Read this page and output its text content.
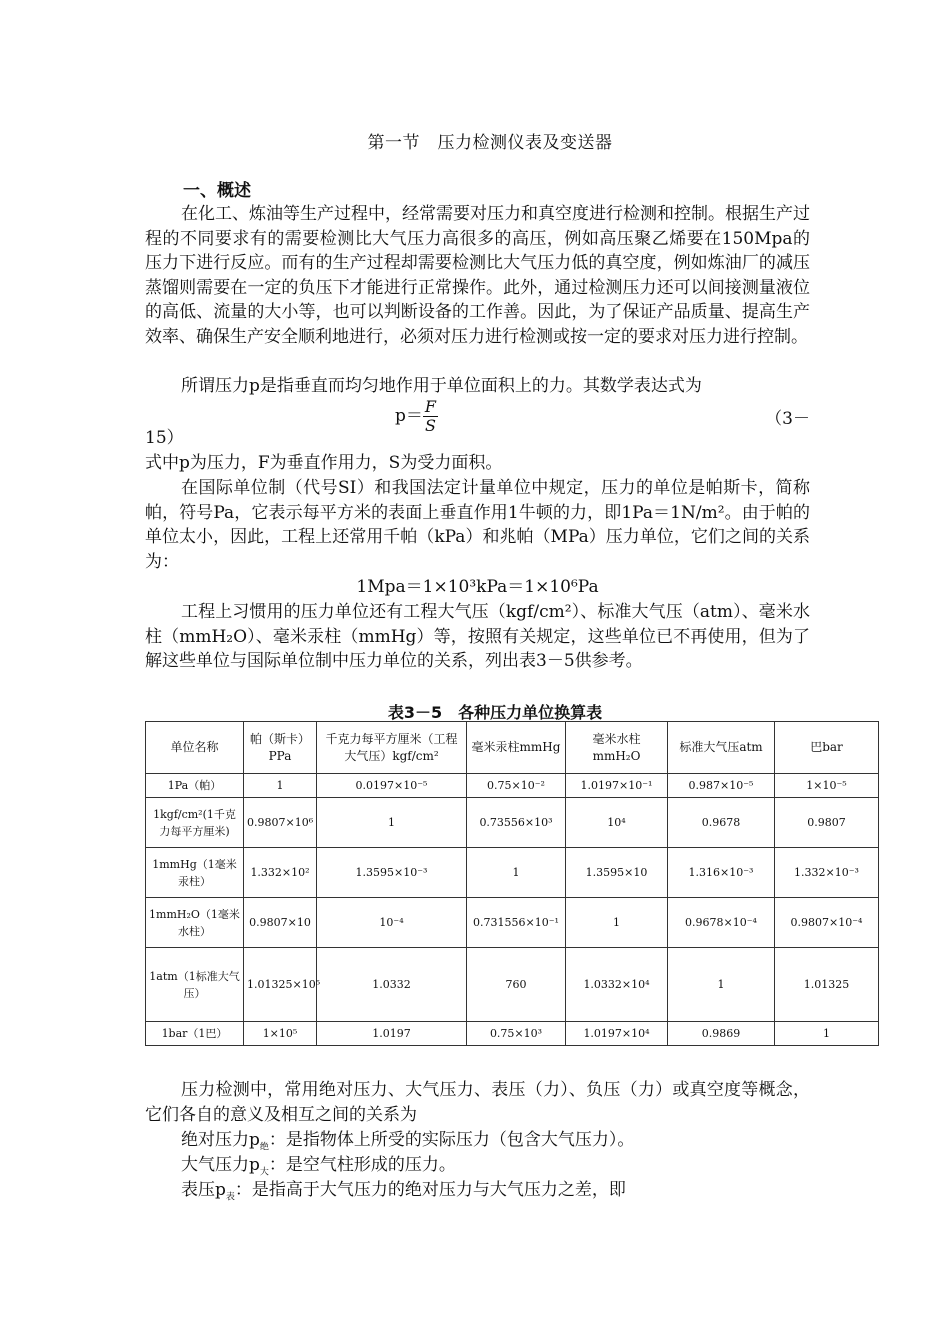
第一节　压力检测仪表及变送器
一、概述

在化工、炼油等生产过程中，经常需要对压力和真空度进行检测和控制。根据生产过程的不同要求有的需要检测比大气压力高很多的高压，例如高压聚乙烯要在150Mpa的压力下进行反应。而有的生产过程却需要检测比大气压力低的真空度，例如炼油厂的减压蒸馏则需要在一定的负压下才能进行正常操作。此外，通过检测压力还可以间接测量液位的高低、流量的大小等，也可以判断设备的工作善。因此，为了保证产品质量、提高生产效率、确保生产安全顺利地进行，必须对压力进行检测或按一定的要求对压力进行控制。

所谓压力p是指垂直而均匀地作用于单位面积上的力。其数学表达式为

$p= \frac{F}{S}$	（3－
15）

式中p为压力，F为垂直作用力，S为受力面积。

在国际单位制（代号SI）和我国法定计量单位中规定，压力的单位是帕斯卡，简称帕，符号Pa，它表示每平方米的表面上垂直作用1牛顿的力，即1Pa＝1N/m²。由于帕的单位太小，因此，工程上还常用千帕（kPa）和兆帕（MPa）压力单位，它们之间的关系为：

1Mpa＝1×10³kPa＝1×10⁶Pa

工程上习惯用的压力单位还有工程大气压（kgf/cm²）、标准大气压（atm）、毫米水柱（mmH₂O）、毫米汞柱（mmHg）等，按照有关规定，这些单位已不再使用，但为了解这些单位与国际单位制中压力单位的关系，列出表3－5供参考。

表3－5　各种压力单位换算表
单位名称	帕（斯卡）PPa	千克力每平方厘米（工程大气压）kgf/cm²	毫米汞柱mmHg	毫米水柱mmH₂O	标准大气压atm	巴bar
1Pa（帕）	1	0.0197×10⁻⁵	0.75×10⁻²	1.0197×10⁻¹	0.987×10⁻⁵	1×10⁻⁵
1kgf/cm²(1千克力每平方厘米)	0.9807×10⁶	1	0.73556×10³	10⁴	0.9678	0.9807
1mmHg（1毫米汞柱）	1.332×10²	1.3595×10⁻³	1	1.3595×10	1.316×10⁻³	1.332×10⁻³
1mmH₂O（1毫米水柱）	0.9807×10	10⁻⁴	0.731556×10⁻¹	1	0.9678×10⁻⁴	0.9807×10⁻⁴
1atm（1标准大气压）	1.01325×10⁵	1.0332	760	1.0332×10⁴	1	1.01325
1bar（1巴）	1×10⁵	1.0197	0.75×10³	1.0197×10⁴	0.9869	1

压力检测中，常用绝对压力、大气压力、表压（力）、负压（力）或真空度等概念，它们各自的意义及相互之间的关系为

绝对压力$p_绝$：是指物体上所受的实际压力（包含大气压力）。
大气压力$p_大$：是空气柱形成的压力。
表压$p_表$：是指高于大气压力的绝对压力与大气压力之差，即
